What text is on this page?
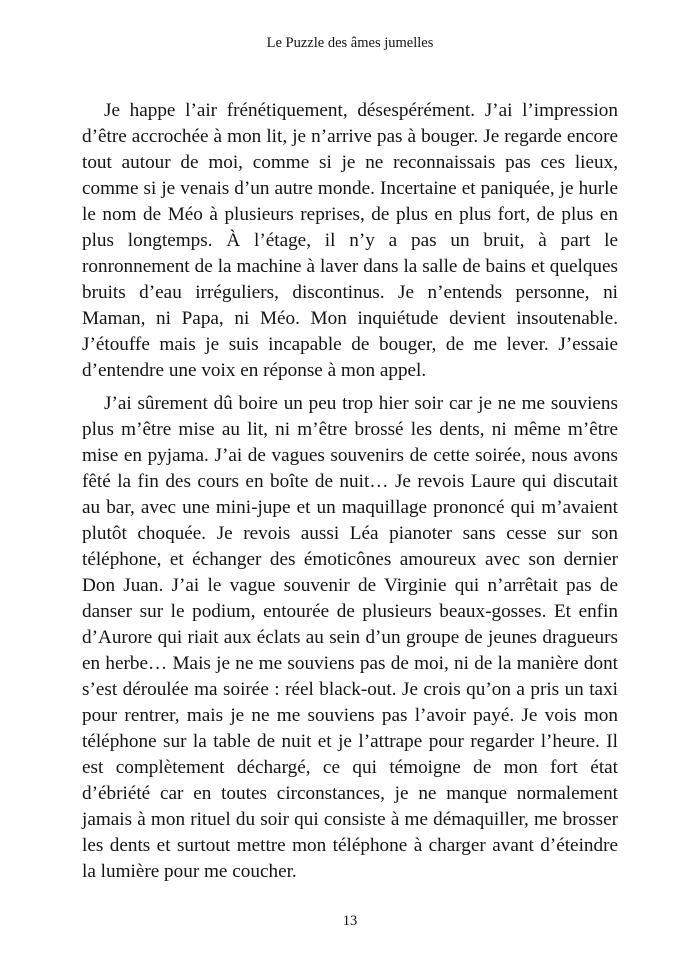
Le Puzzle des âmes jumelles

Je happe l’air frénétiquement, désespérément. J’ai l’impression d’être accrochée à mon lit, je n’arrive pas à bouger. Je regarde encore tout autour de moi, comme si je ne reconnaissais pas ces lieux, comme si je venais d’un autre monde. Incertaine et paniquée, je hurle le nom de Méo à plusieurs reprises, de plus en plus fort, de plus en plus longtemps. À l’étage, il n’y a pas un bruit, à part le ronronnement de la machine à laver dans la salle de bains et quelques bruits d’eau irréguliers, discontinus. Je n’entends personne, ni Maman, ni Papa, ni Méo. Mon inquiétude devient insoutenable. J’étouffe mais je suis incapable de bouger, de me lever. J’essaie d’entendre une voix en réponse à mon appel.

J’ai sûrement dû boire un peu trop hier soir car je ne me souviens plus m’être mise au lit, ni m’être brossé les dents, ni même m’être mise en pyjama. J’ai de vagues souvenirs de cette soirée, nous avons fêté la fin des cours en boîte de nuit… Je revois Laure qui discutait au bar, avec une mini-jupe et un maquillage prononcé qui m’avaient plutôt choquée. Je revois aussi Léa pianoter sans cesse sur son téléphone, et échanger des émoticônes amoureux avec son dernier Don Juan. J’ai le vague souvenir de Virginie qui n’arrêtait pas de danser sur le podium, entourée de plusieurs beaux-gosses. Et enfin d’Aurore qui riait aux éclats au sein d’un groupe de jeunes dragueurs en herbe… Mais je ne me souviens pas de moi, ni de la manière dont s’est déroulée ma soirée : réel black-out. Je crois qu’on a pris un taxi pour rentrer, mais je ne me souviens pas l’avoir payé. Je vois mon téléphone sur la table de nuit et je l’attrape pour regarder l’heure. Il est complètement déchargé, ce qui témoigne de mon fort état d’ébriété car en toutes circonstances, je ne manque normalement jamais à mon rituel du soir qui consiste à me démaquiller, me brosser les dents et surtout mettre mon téléphone à charger avant d’éteindre la lumière pour me coucher.

13
